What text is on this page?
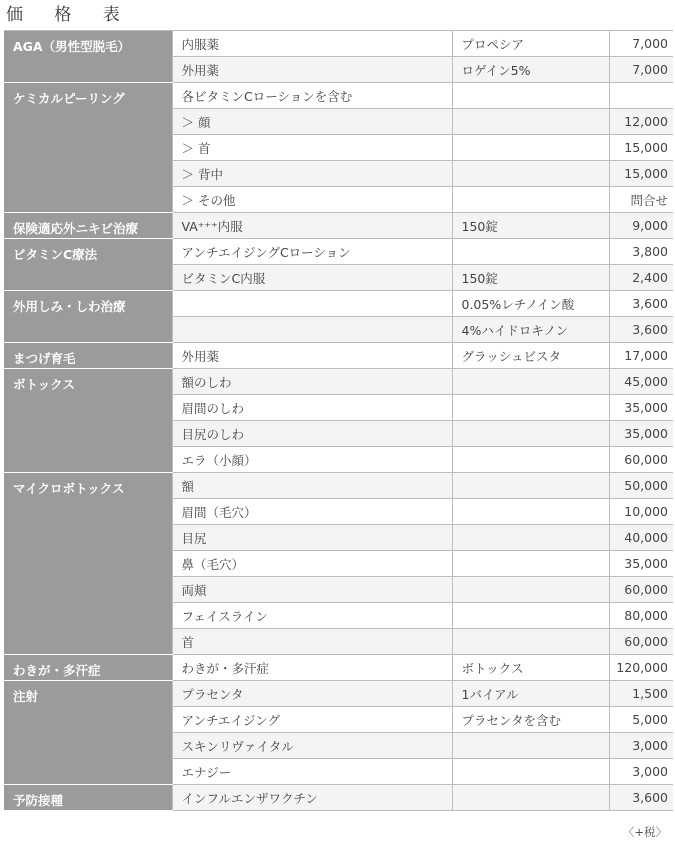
価 格 表
AGA（男性型脱毛）	内服薬	プロペシア	7,000
	外用薬	ロゲイン5%	7,000
ケミカルピーリング	各ビタミンCローションを含む		
	＞ 顔		12,000
	＞ 首		15,000
	＞ 背中		15,000
	＞ その他		問合せ
保険適応外ニキビ治療	VA⁺⁺⁺内服	150錠	9,000
ビタミンC療法	アンチエイジングCローション		3,800
	ビタミンC内服	150錠	2,400
外用しみ・しわ治療		0.05%レチノイン酸	3,600
		4%ハイドロキノン	3,600
まつげ育毛	外用薬	グラッシュビスタ	17,000
ボトックス	額のしわ		45,000
	眉間のしわ		35,000
	目尻のしわ		35,000
	エラ（小顔）		60,000
マイクロボトックス	額		50,000
	眉間（毛穴）		10,000
	目尻		40,000
	鼻（毛穴）		35,000
	両頬		60,000
	フェイスライン		80,000
	首		60,000
わきが・多汗症	わきが・多汗症	ボトックス	120,000
注射	プラセンタ	1バイアル	1,500
	アンチエイジング	プラセンタを含む	5,000
	スキンリヴァイタル		3,000
	エナジー		3,000
予防接種	インフルエンザワクチン		3,600
〈+税〉
